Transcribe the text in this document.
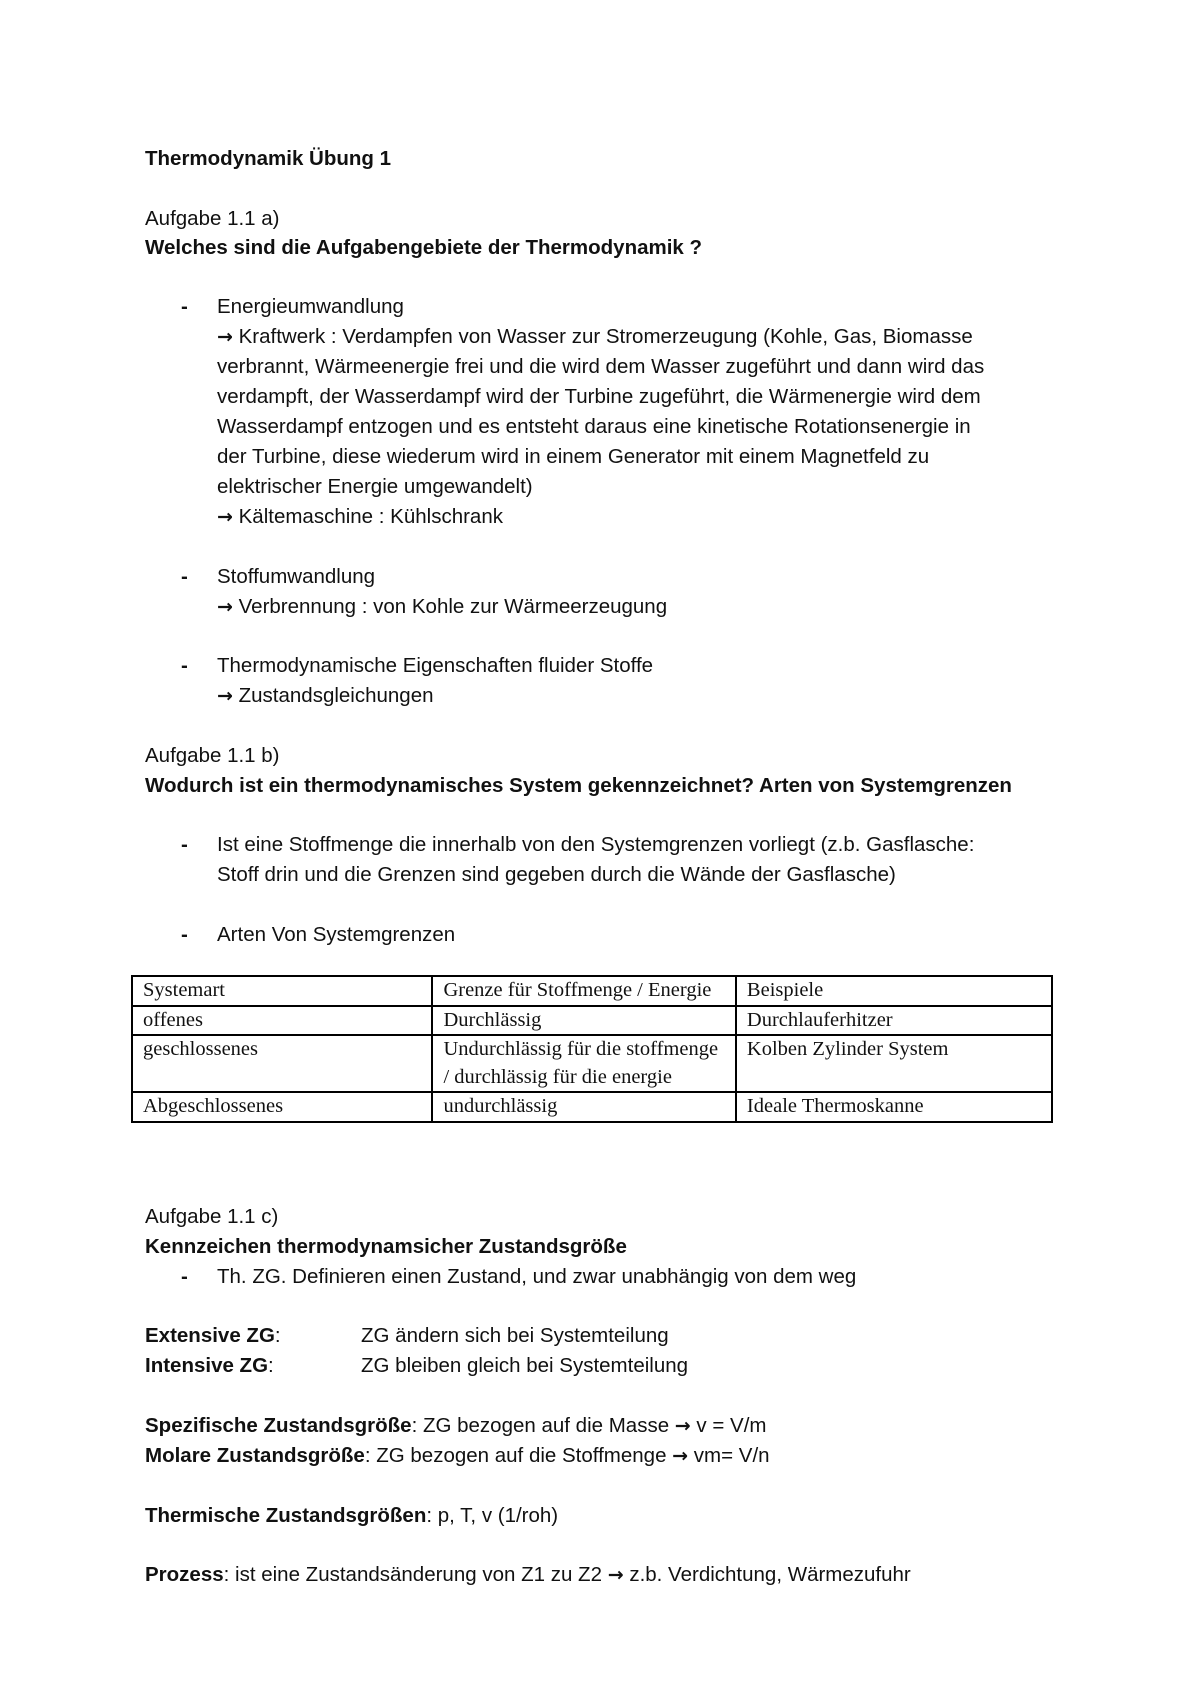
Thermodynamik Übung 1
Aufgabe 1.1 a)
Welches sind die Aufgabengebiete der Thermodynamik ?
- Energieumwandlung
→ Kraftwerk : Verdampfen von Wasser zur Stromerzeugung (Kohle, Gas, Biomasse
verbrannt, Wärmeenergie frei und die wird dem Wasser zugeführt und dann wird das
verdampft, der Wasserdampf wird der Turbine zugeführt, die Wärmenergie wird dem
Wasserdampf entzogen und es entsteht daraus eine kinetische Rotationsenergie in
der Turbine, diese wiederum wird in einem Generator mit einem Magnetfeld zu
elektrischer Energie umgewandelt)
→ Kältemaschine : Kühlschrank
- Stoffumwandlung
→ Verbrennung : von Kohle zur Wärmeerzeugung
- Thermodynamische Eigenschaften fluider Stoffe
→ Zustandsgleichungen
Aufgabe 1.1 b)
Wodurch ist ein thermodynamisches System gekennzeichnet? Arten von Systemgrenzen
- Ist eine Stoffmenge die innerhalb von den Systemgrenzen vorliegt (z.b. Gasflasche:
Stoff drin und die Grenzen sind gegeben durch die Wände der Gasflasche)
- Arten Von Systemgrenzen
Systemart	Grenze für Stoffmenge / Energie	Beispiele
offenes	Durchlässig	Durchlauferhitzer
geschlossenes	Undurchlässig für die stoffmenge / durchlässig für die energie	Kolben Zylinder System
Abgeschlossenes	undurchlässig	Ideale Thermoskanne
Aufgabe 1.1 c)
Kennzeichen thermodynamsicher Zustandsgröße
- Th. ZG. Definieren einen Zustand, und zwar unabhängig von dem weg
Extensive ZG:	ZG ändern sich bei Systemteilung
Intensive ZG:	ZG bleiben gleich bei Systemteilung
Spezifische Zustandsgröße: ZG bezogen auf die Masse → v = V/m
Molare Zustandsgröße: ZG bezogen auf die Stoffmenge → vm= V/n
Thermische Zustandsgrößen: p, T, v (1/roh)
Prozess: ist eine Zustandsänderung von Z1 zu Z2 → z.b. Verdichtung, Wärmezufuhr
